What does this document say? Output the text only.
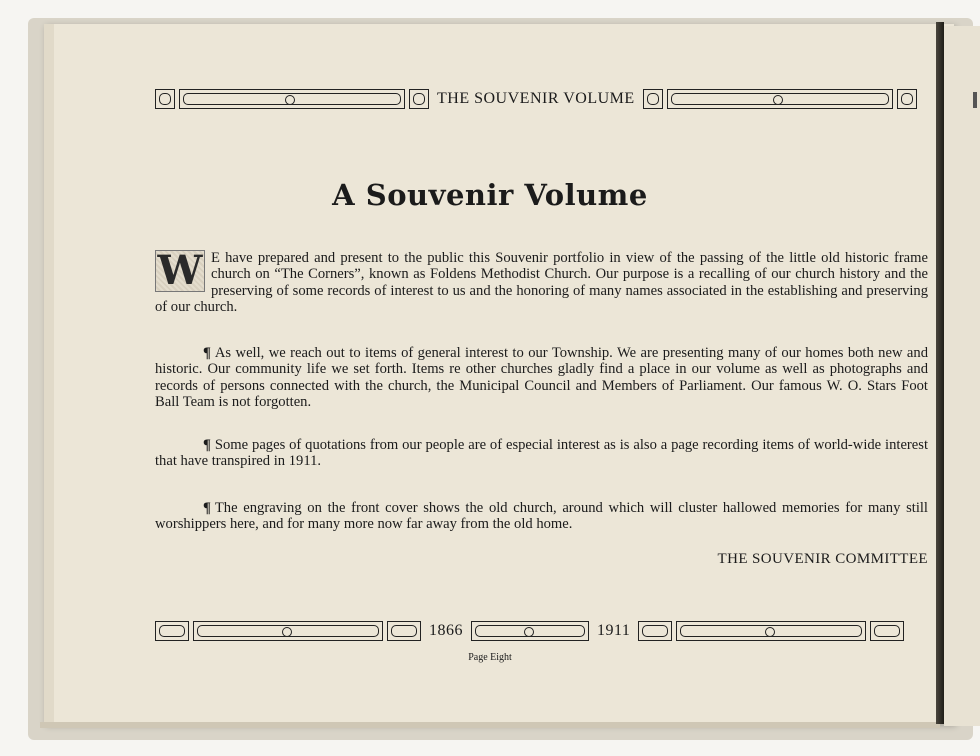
THE SOUVENIR VOLUME
A Souvenir Volume
W E have prepared and present to the public this Souvenir portfolio in view of the passing of the little old historic frame church on “The Corners”, known as Foldens Methodist Church. Our purpose is a recalling of our church history and the preserving of some records of interest to us and the honoring of many names associated in the establishing and preserving of our church.
¶ As well, we reach out to items of general interest to our Township. We are presenting many of our homes both new and historic. Our community life we set forth. Items re other churches gladly find a place in our volume as well as photographs and records of persons connected with the church, the Municipal Council and Members of Parliament. Our famous W. O. Stars Foot Ball Team is not forgotten.
¶ Some pages of quotations from our people are of especial interest as is also a page recording items of world-wide interest that have transpired in 1911.
¶ The engraving on the front cover shows the old church, around which will cluster hallowed memories for many still worshippers here, and for many more now far away from the old home.
THE SOUVENIR COMMITTEE
1866	1911
Page Eight
